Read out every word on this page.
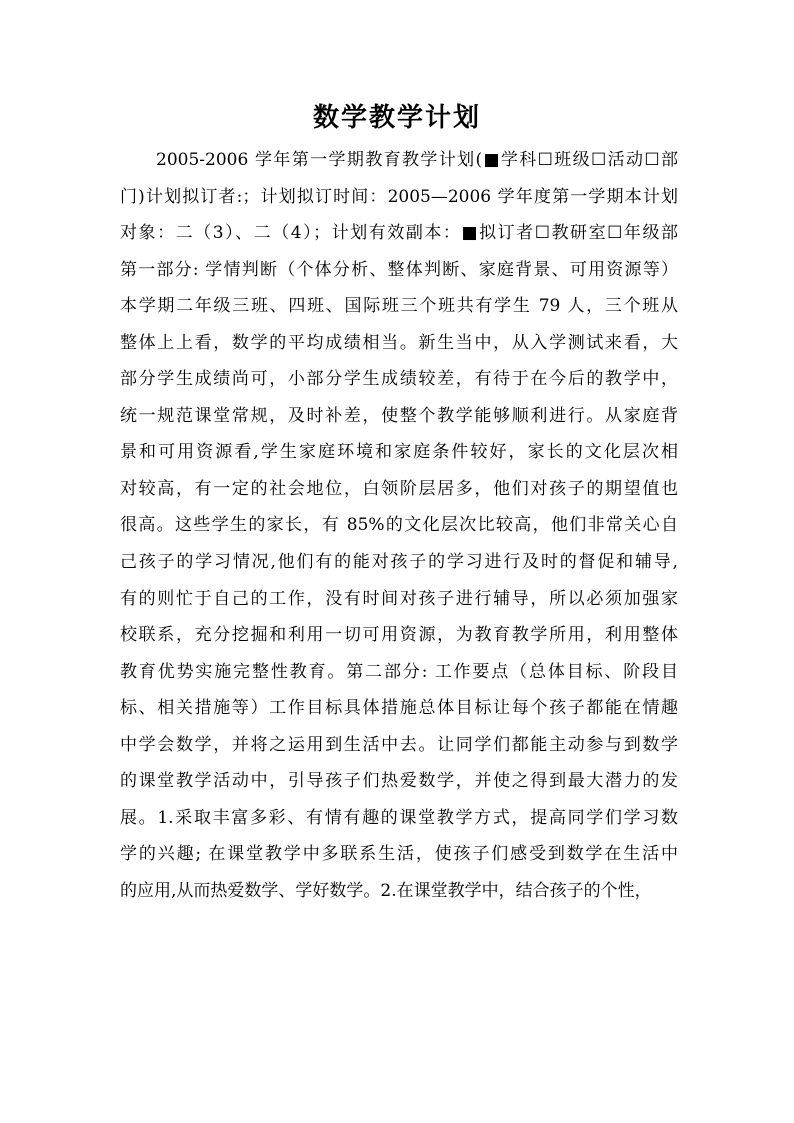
数学教学计划
2005-2006 学年第一学期教育教学计划(■学科☐班级☐活动☐部
门)计划拟订者:；计划拟订时间：2005—2006 学年度第一学期本计划
对象：二（3）、二（4）；计划有效副本：■拟订者☐教研室☐年级部
第一部分: 学情判断（个体分析、整体判断、家庭背景、可用资源等）
本学期二年级三班、四班、国际班三个班共有学生 79 人，三个班从
整体上上看，数学的平均成绩相当。新生当中，从入学测试来看，大
部分学生成绩尚可，小部分学生成绩较差，有待于在今后的教学中，
统一规范课堂常规，及时补差，使整个教学能够顺利进行。从家庭背
景和可用资源看,学生家庭环境和家庭条件较好，家长的文化层次相
对较高，有一定的社会地位，白领阶层居多，他们对孩子的期望值也
很高。这些学生的家长，有 85%的文化层次比较高，他们非常关心自
己孩子的学习情况,他们有的能对孩子的学习进行及时的督促和辅导,
有的则忙于自己的工作，没有时间对孩子进行辅导，所以必须加强家
校联系，充分挖掘和利用一切可用资源，为教育教学所用，利用整体
教育优势实施完整性教育。第二部分: 工作要点（总体目标、阶段目
标、相关措施等）工作目标具体措施总体目标让每个孩子都能在情趣
中学会数学，并将之运用到生活中去。让同学们都能主动参与到数学
的课堂教学活动中，引导孩子们热爱数学，并使之得到最大潜力的发
展。1.采取丰富多彩、有情有趣的课堂教学方式，提高同学们学习数
学的兴趣; 在课堂教学中多联系生活，使孩子们感受到数学在生活中
的应用,从而热爱数学、学好数学。2.在课堂教学中，结合孩子的个性，
